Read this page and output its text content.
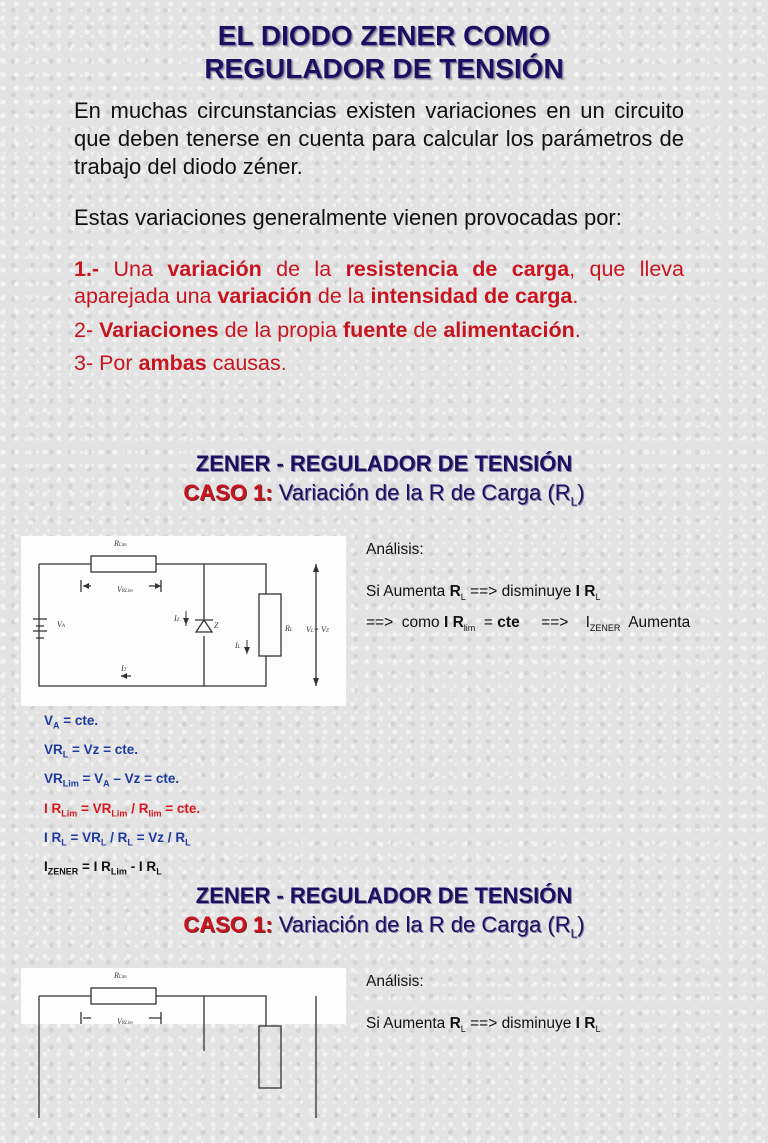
EL DIODO ZENER COMO
REGULADOR DE TENSIÓN
En muchas circunstancias existen variaciones en un circuito que deben tenerse en cuenta para calcular los parámetros de trabajo del diodo zéner.
Estas variaciones generalmente vienen provocadas por:
1.- Una variación de la resistencia de carga, que lleva aparejada una variación de la intensidad de carga.
2- Variaciones de la propia fuente de alimentación.
3- Por ambas causas.
ZENER - REGULADOR DE TENSIÓN
CASO 1: Variación de la R de Carga $(R_L)$
RLim
VRLim
VA
IZ
Z
IL
RL VL= VZ
IT
Análisis:
Si Aumenta $R_L$ ==> disminuye I $R_L$
==>  como I $R_{lim}$  = cte     ==>    $I_{ZENER}$  Aumenta
$V_A$ = cte.
$VR_L = Vz$ = cte.
$VR_{Lim} = V_A - Vz$ = cte.
I $R_{Lim} = VR_{Lim} / R_{lim}$ = cte.
I $R_L = VR_L / R_L = Vz / R_L$
$I_{ZENER} = I$ $R_{Lim}$ - I $R_L$
ZENER - REGULADOR DE TENSIÓN
CASO 1: Variación de la R de Carga $(R_L)$
RLim
VRLim
Análisis:
Si Aumenta $R_L$ ==> disminuye I $R_L$
